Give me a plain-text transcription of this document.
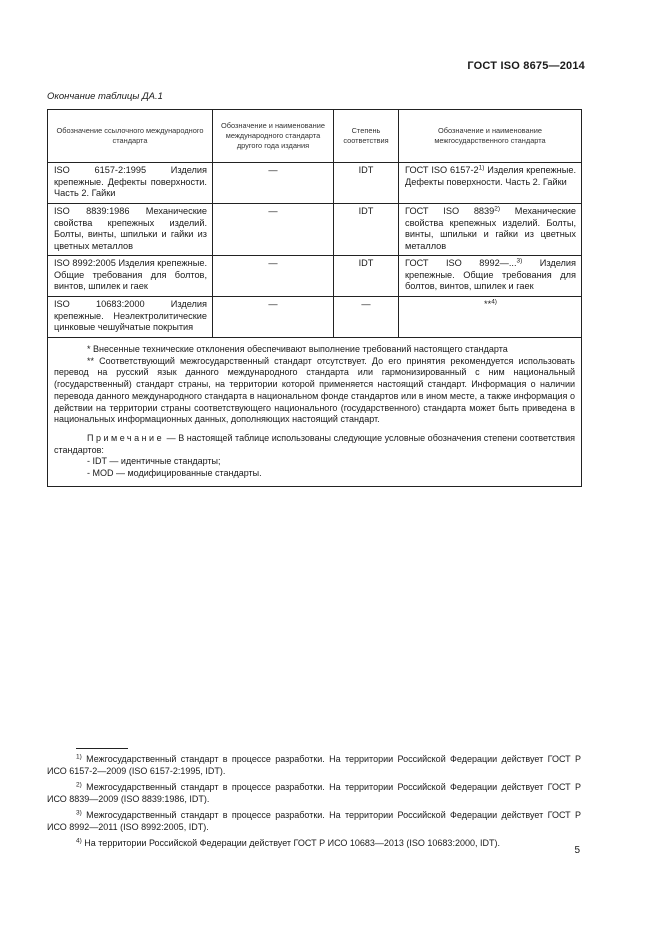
ГОСТ ISO 8675—2014
Окончание таблицы ДА.1
Обозначение ссылочного международного стандарта	Обозначение и наименование международного стандарта другого года издания	Степень соответствия	Обозначение и наименование межгосударственного стандарта
ISO 6157-2:1995 Изделия крепежные. Дефекты поверхности. Часть 2. Гайки	—	IDT	ГОСТ ISO 6157-2$^{1)}$ Изделия крепежные. Дефекты поверхности. Часть 2. Гайки
ISO 8839:1986 Механические свойства крепежных изделий. Болты, винты, шпильки и гайки из цветных металлов	—	IDT	ГОСТ ISO 8839$^{2)}$ Механические свойства крепежных изделий. Болты, винты, шпильки и гайки из цветных металлов
ISO 8992:2005 Изделия крепежные. Общие требования для болтов, винтов, шпилек и гаек	—	IDT	ГОСТ ISO 8992—...$^{3)}$ Изделия крепежные. Общие требования для болтов, винтов, шпилек и гаек
ISO 10683:2000 Изделия крепежные. Неэлектролитические цинковые чешуйчатые покрытия	—	—	**$^{4)}$

* Внесенные технические отклонения обеспечивают выполнение требований настоящего стандарта

** Соответствующий межгосударственный стандарт отсутствует. До его принятия рекомендуется использовать перевод на русский язык данного международного стандарта или гармонизированный с ним национальный (государственный) стандарт страны, на территории которой применяется настоящий стандарт. Информация о наличии перевода данного международного стандарта в национальном фонде стандартов или в ином месте, а также информация о действии на территории страны соответствующего национального (государственного) стандарта может быть приведена в национальных информационных данных, дополняющих настоящий стандарт.

Примечание — В настоящей таблице использованы следующие условные обозначения степени соответствия стандартов:

- IDT — идентичные стандарты;

- MOD — модифицированные стандарты.			

$^{1)}$ Межгосударственный стандарт в процессе разработки. На территории Российской Федерации действует ГОСТ Р ИСО 6157-2—2009 (ISO 6157-2:1995, IDT).

$^{2)}$ Межгосударственный стандарт в процессе разработки. На территории Российской Федерации действует ГОСТ Р ИСО 8839—2009 (ISO 8839:1986, IDT).

$^{3)}$ Межгосударственный стандарт в процессе разработки. На территории Российской Федерации действует ГОСТ Р ИСО 8992—2011 (ISO 8992:2005, IDT).

$^{4)}$ На территории Российской Федерации действует ГОСТ Р ИСО 10683—2013 (ISO 10683:2000, IDT).

5
